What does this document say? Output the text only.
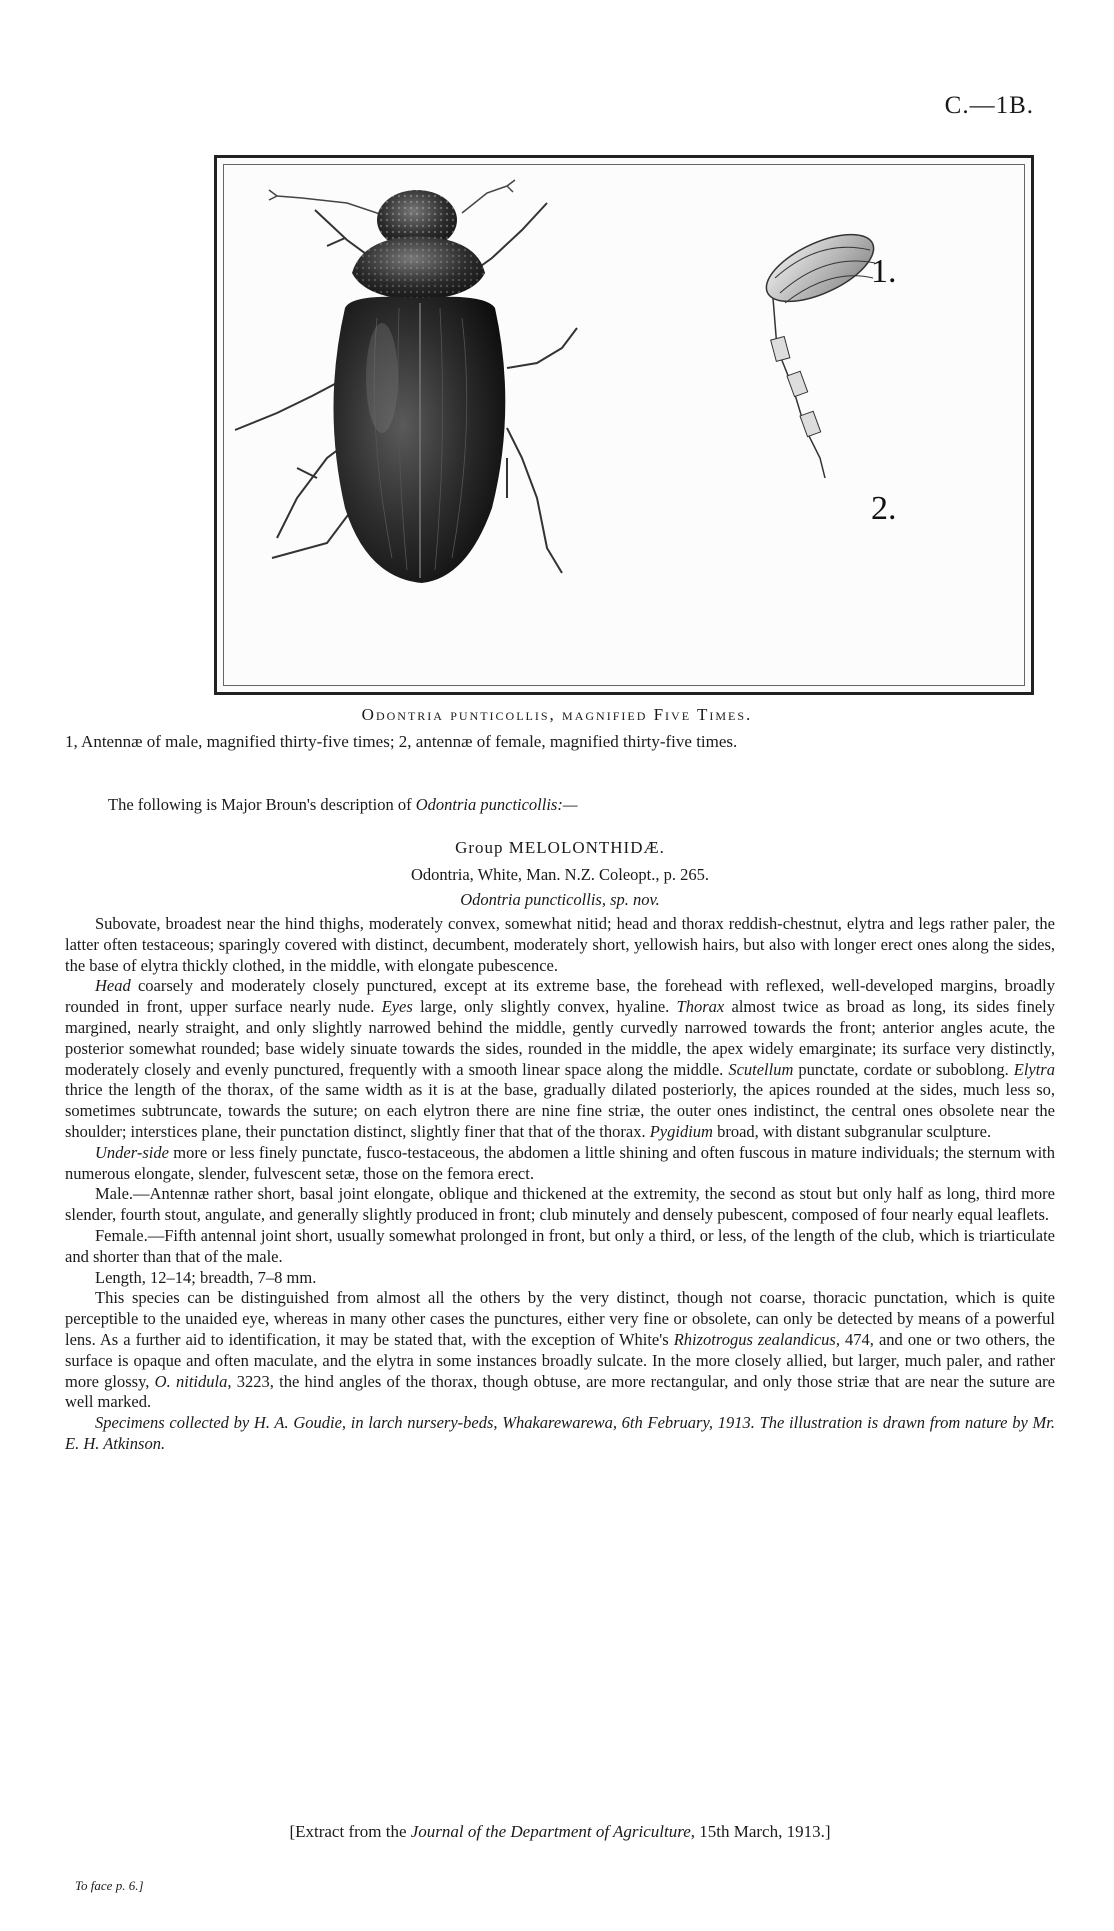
C.—1B.
1.
2.
Odontria punticollis, magnified Five Times.
1, Antennæ of male, magnified thirty-five times; 2, antennæ of female, magnified thirty-five times.
The following is Major Broun's description of Odontria puncticollis:—
Group MELOLONTHIDÆ.
Odontria, White, Man. N.Z. Colеopt., p. 265.
Odontria puncticollis, sp. nov.

Subovate, broadest near the hind thighs, moderately convex, somewhat nitid; head and thorax reddish-chestnut, elytra and legs rather paler, the latter often testaceous; sparingly covered with distinct, decumbent, moderately short, yellowish hairs, but also with longer erect ones along the sides, the base of elytra thickly clothed, in the middle, with elongate pubescence.

Head coarsely and moderately closely punctured, except at its extreme base, the forehead with reflexed, well-developed margins, broadly rounded in front, upper surface nearly nude. Eyes large, only slightly convex, hyaline. Thorax almost twice as broad as long, its sides finely margined, nearly straight, and only slightly narrowed behind the middle, gently curvedly narrowed towards the front; anterior angles acute, the posterior somewhat rounded; base widely sinuate towards the sides, rounded in the middle, the apex widely emarginate; its surface very distinctly, moderately closely and evenly punctured, frequently with a smooth linear space along the middle. Scutellum punctate, cordate or suboblong. Elytra thrice the length of the thorax, of the same width as it is at the base, gradually dilated posteriorly, the apices rounded at the sides, much less so, sometimes subtruncate, towards the suture; on each elytron there are nine fine striæ, the outer ones indistinct, the central ones obsolete near the shoulder; interstices plane, their punctation distinct, slightly finer that that of the thorax. Pygidium broad, with distant subgranular sculpture.

Under-side more or less finely punctate, fusco-testaceous, the abdomen a little shining and often fuscous in mature individuals; the sternum with numerous elongate, slender, fulvescent setæ, those on the femora erect.

Male.—Antennæ rather short, basal joint elongate, oblique and thickened at the extremity, the second as stout but only half as long, third more slender, fourth stout, angulate, and generally slightly produced in front; club minutely and densely pubescent, composed of four nearly equal leaflets.

Female.—Fifth antennal joint short, usually somewhat prolonged in front, but only a third, or less, of the length of the club, which is triarticulate and shorter than that of the male.

Length, 12–14; breadth, 7–8 mm.

This species can be distinguished from almost all the others by the very distinct, though not coarse, thoracic punctation, which is quite perceptible to the unaided eye, whereas in many other cases the punctures, either very fine or obsolete, can only be detected by means of a powerful lens. As a further aid to identification, it may be stated that, with the exception of White's Rhizotrogus zealandicus, 474, and one or two others, the surface is opaque and often maculate, and the elytra in some instances broadly sulcate. In the more closely allied, but larger, much paler, and rather more glossy, O. nitidula, 3223, the hind angles of the thorax, though obtuse, are more rectangular, and only those striæ that are near the suture are well marked.

Specimens collected by H. A. Goudie, in larch nursery-beds, Whakarewarewa, 6th February, 1913. The illustration is drawn from nature by Mr. E. H. Atkinson.

[Extract from the Journal of the Department of Agriculture, 15th March, 1913.]
To face p. 6.]
